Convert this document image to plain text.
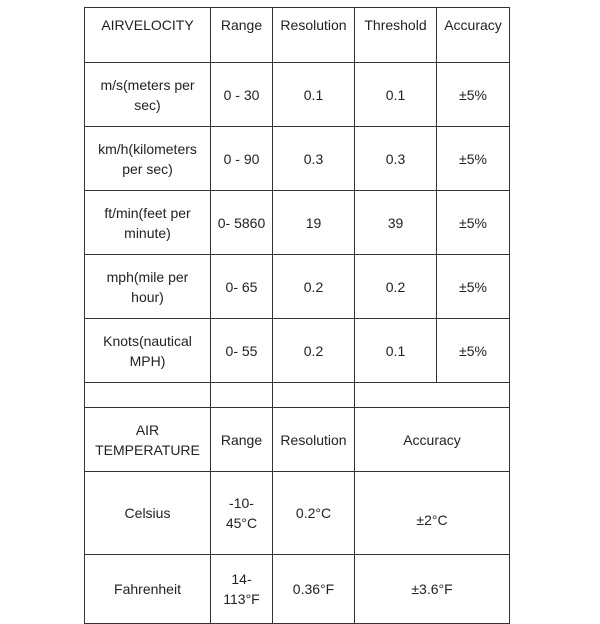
AIRVELOCITY	Range	Resolution	Threshold	Accuracy
m/s(meters per sec)	0 - 30	0.1	0.1	±5%
km/h(kilometers per sec)	0 - 90	0.3	0.3	±5%
ft/min(feet per minute)	0- 5860	19	39	±5%
mph(mile per hour)	0- 65	0.2	0.2	±5%
Knots(nautical MPH)	0- 55	0.2	0.1	±5%

AIR TEMPERATURE	Range	Resolution	Accuracy	
Celsius	-10- 45°C	0.2°C	±2°C	
Fahrenheit	14- 113°F	0.36°F	±3.6°F	
